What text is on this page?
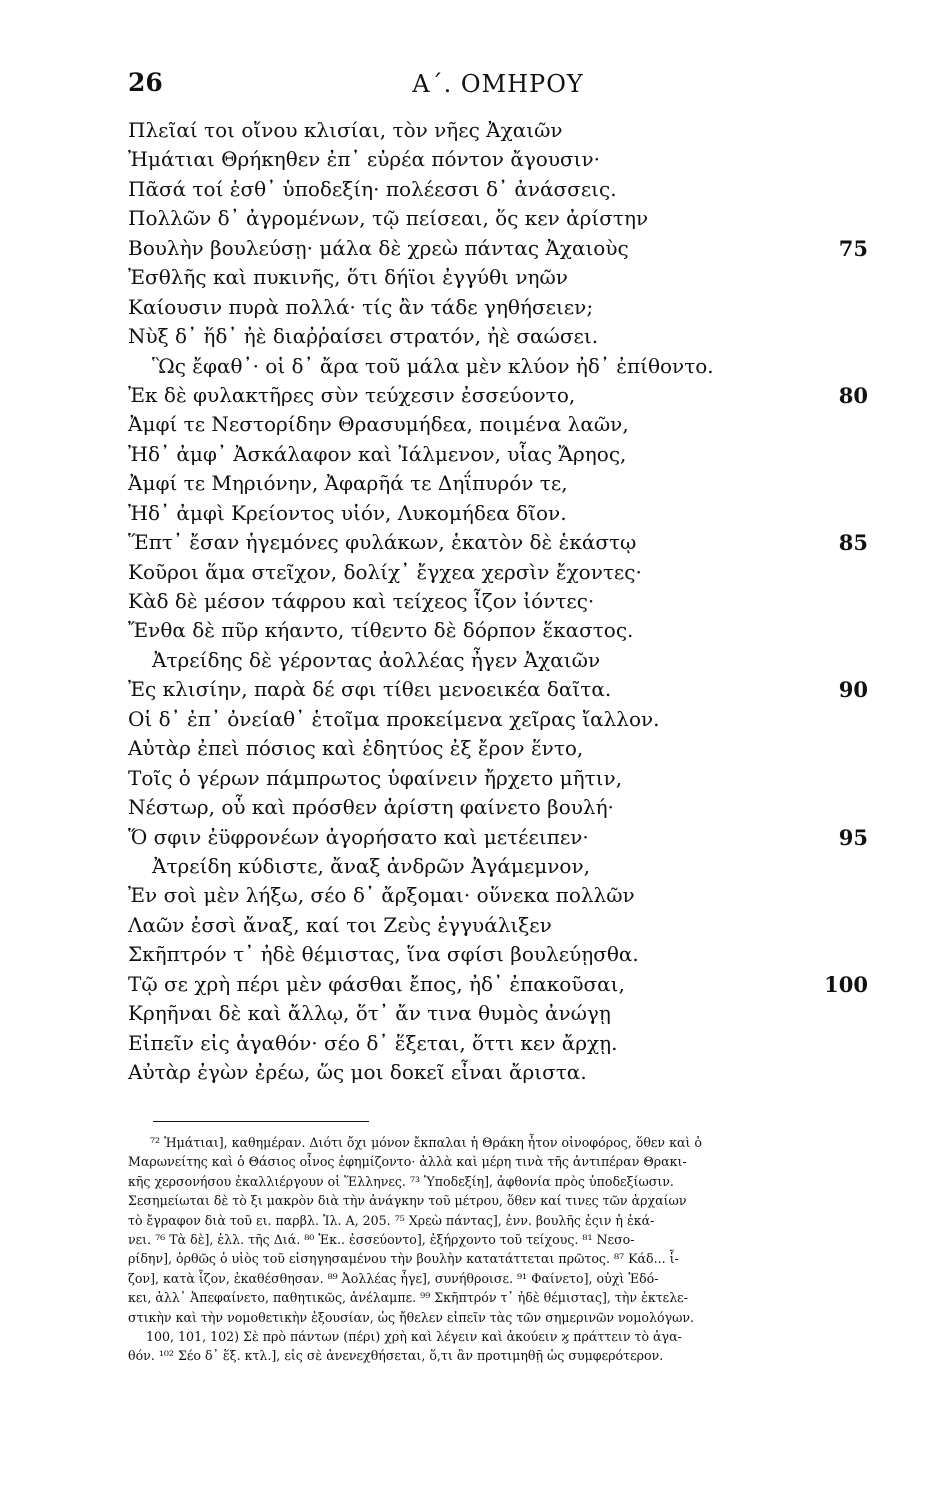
26	Α΄. ΟΜΗΡΟΥ
Πλεῖαί τοι οἴνου κλισίαι, τὸν νῆες Ἀχαιῶν
Ἠμάτιαι Θρήκηθεν ἐπ᾽ εὐρέα πόντον ἄγουσιν·
Πᾶσά τοί ἐσθ᾽ ὑποδεξίη· πολέεσσι δ᾽ ἀνάσσεις.
Πολλῶν δ᾽ ἀγρομένων, τῷ πείσεαι, ὅς κεν ἀρίστην
Βουλὴν βουλεύσῃ· μάλα δὲ χρεὼ πάντας Ἀχαιοὺς	75
Ἐσθλῆς καὶ πυκινῆς, ὅτι δήϊοι ἐγγύθι νηῶν
Καίουσιν πυρὰ πολλά· τίς ἂν τάδε γηθήσειεν;
Νὺξ δ᾽ ἥδ᾽ ἠὲ διαῤῥαίσει στρατόν, ἠὲ σαώσει.
Ὣς ἔφαθ᾽· οἱ δ᾽ ἄρα τοῦ μάλα μὲν κλύον ἠδ᾽ ἐπίθοντο.
Ἐκ δὲ φυλακτῆρες σὺν τεύχεσιν ἐσσεύοντο,	80
Ἀμφί τε Νεστορίδην Θρασυμήδεα, ποιμένα λαῶν,
Ἠδ᾽ ἀμφ᾽ Ἀσκάλαφον καὶ Ἰάλμενον, υἷας Ἄρηος,
Ἀμφί τε Μηριόνην, Ἀφαρῆά τε Δηΐπυρόν τε,
Ἠδ᾽ ἀμφὶ Κρείοντος υἱόν, Λυκομήδεα δῖον.
Ἕπτ᾽ ἔσαν ἡγεμόνες φυλάκων, ἑκατὸν δὲ ἑκάστῳ	85
Κοῦροι ἅμα στεῖχον, δολίχ᾽ ἔγχεα χερσὶν ἔχοντες·
Κὰδ δὲ μέσον τάφρου καὶ τείχεος ἷζον ἰόντες·
Ἔνθα δὲ πῦρ κήαντο, τίθεντο δὲ δόρπον ἕκαστος.
Ἀτρείδης δὲ γέροντας ἀολλέας ἦγεν Ἀχαιῶν
Ἐς κλισίην, παρὰ δέ σφι τίθει μενοεικέα δαῖτα.	90
Οἱ δ᾽ ἐπ᾽ ὀνείαθ᾽ ἑτοῖμα προκείμενα χεῖρας ἴαλλον.
Αὐτὰρ ἐπεὶ πόσιος καὶ ἐδητύος ἐξ ἔρον ἕντο,
Τοῖς ὁ γέρων πάμπρωτος ὑφαίνειν ἤρχετο μῆτιν,
Νέστωρ, οὗ καὶ πρόσθεν ἀρίστη φαίνετο βουλή·
Ὅ σφιν ἐϋφρονέων ἀγορήσατο καὶ μετέειπεν·	95
Ἀτρείδη κύδιστε, ἄναξ ἀνδρῶν Ἀγάμεμνον,
Ἐν σοὶ μὲν λήξω, σέο δ᾽ ἄρξομαι· οὕνεκα πολλῶν
Λαῶν ἐσσὶ ἄναξ, καί τοι Ζεὺς ἐγγυάλιξεν
Σκῆπτρόν τ᾽ ἠδὲ θέμιστας, ἵνα σφίσι βουλεύῃσθα.
Τῷ σε χρὴ πέρι μὲν φάσθαι ἔπος, ἠδ᾽ ἐπακοῦσαι,	100
Κρηῆναι δὲ καὶ ἄλλῳ, ὅτ᾽ ἄν τινα θυμὸς ἀνώγῃ
Εἰπεῖν εἰς ἀγαθόν· σέο δ᾽ ἕξεται, ὅττι κεν ἄρχῃ.
Αὐτὰρ ἐγὼν ἐρέω, ὥς μοι δοκεῖ εἶναι ἄριστα.
⁷² Ἠμάτιαι], καθημέραν. Διότι ὄχι μόνον ἔκπαλαι ἡ Θράκη ἦτον οἰνοφόρος, ὅθεν καὶ ὁ
Μαρωνείτης καὶ ὁ Θάσιος οἶνος ἐφημίζοντο· ἀλλὰ καὶ μέρη τινὰ τῆς ἀντιπέραν Θρακι-
κῆς χερσονήσου ἐκαλλιέργουν οἱ Ἕλληνες. ⁷³ Ὑποδεξίη], ἀφθονία πρὸς ὑποδεξίωσιν.
Σεσημείωται δὲ τὸ ξι μακρὸν διὰ τὴν ἀνάγκην τοῦ μέτρου, ὅθεν καί τινες τῶν ἀρχαίων
τὸ ἔγραφον διὰ τοῦ ει. παρβλ. Ἰλ. Α, 205. ⁷⁵ Χρεὼ πάντας], ἐνν. βουλῆς ἐςιν ἡ ἐκά-
νει. ⁷⁶ Τὰ δὲ], ἑλλ. τῆς Διά. ⁸⁰ Ἐκ.. ἐσσεύοντο], ἐξήρχοντο τοῦ τείχους. ⁸¹ Νεσο-
ρίδην], ὀρθῶς ὁ υἱὸς τοῦ εἰσηγησαμένου τὴν βουλὴν κατατάττεται πρῶτος. ⁸⁷ Κάδ... ἷ-
ζον], κατὰ ἷζον, ἐκαθέσθησαν. ⁸⁹ Ἀολλέας ἦγε], συνήθροισε. ⁹¹ Φαίνετο], οὐχὶ Ἐδό-
κει, ἀλλ᾽ Ἀπεφαίνετο, παθητικῶς, ἀνέλαμπε. ⁹⁹ Σκῆπτρόν τ᾽ ἠδὲ θέμιστας], τὴν ἐκτελε-
στικὴν καὶ τὴν νομοθετικὴν ἐξουσίαν, ὡς ἤθελεν εἰπεῖν τὰς τῶν σημερινῶν νομολόγων.
100, 101, 102) Σὲ πρὸ πάντων (πέρι) χρὴ καὶ λέγειν καὶ ἀκούειν ϗ πράττειν τὸ ἀγα-
θόν. ¹⁰² Σέο δ᾽ ἕξ. κτλ.], εἰς σὲ ἀνενεχθήσεται, ὅ,τι ἂν προτιμηθῇ ὡς συμφερότερον.
